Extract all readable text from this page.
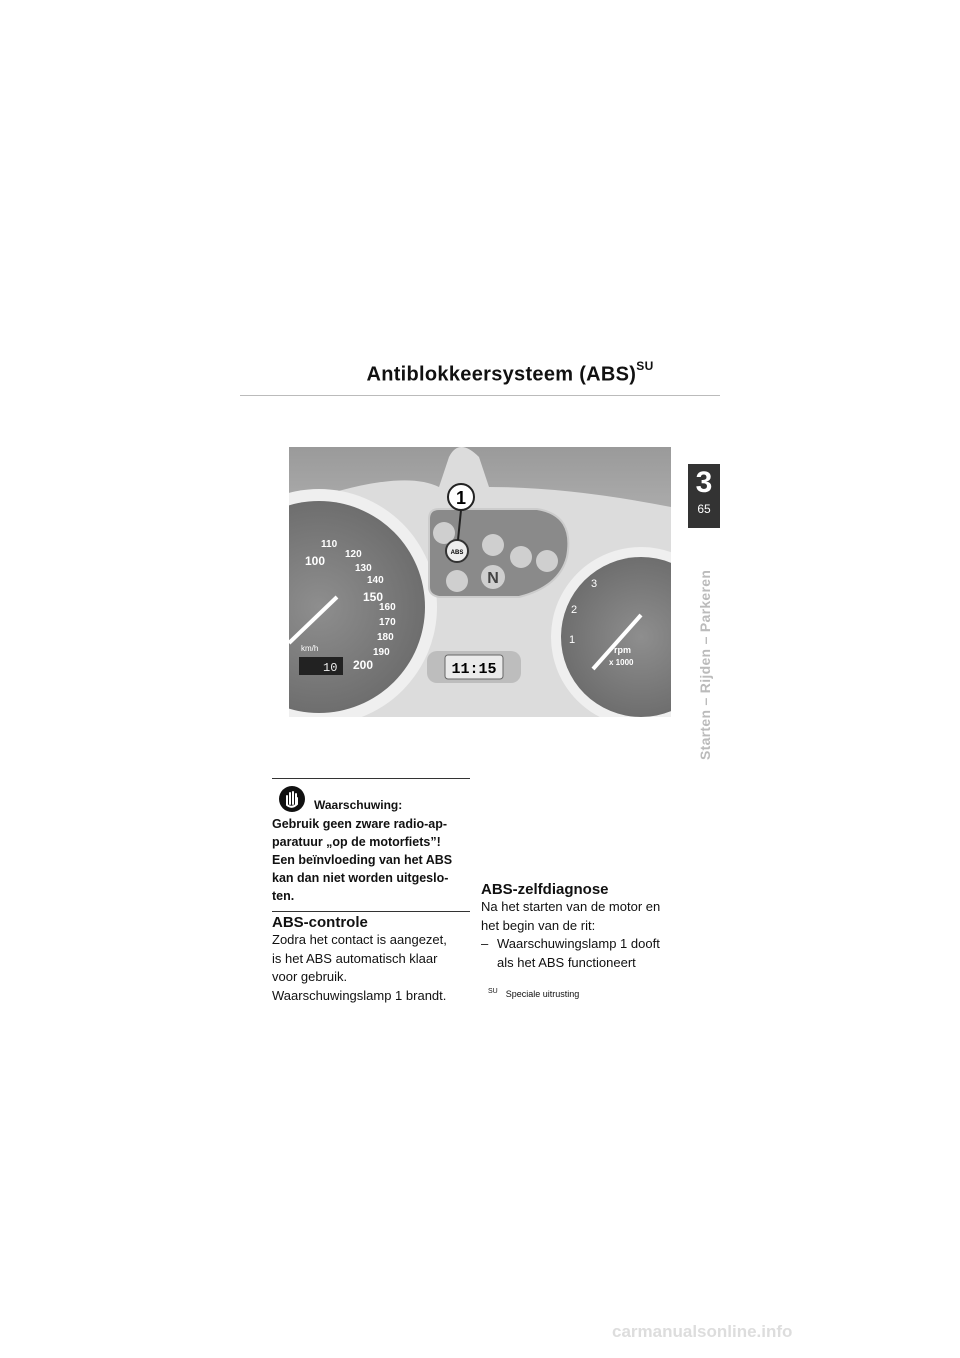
Antiblokkeersysteem (ABS)$^{SU}$
3
65
Starten – Rijden – Parkeren
100
110
120
130
140
150
160
170
180
190
200
km/h
10
ABS
N
1
11:15
1
2
3
rpm
x 1000
Waarschuwing:
Gebruik geen zware radio-ap-
paratuur „op de motorfiets”!
Een beïnvloeding van het ABS
kan dan niet worden uitgeslo-
ten.
ABS-controle
Zodra het contact is aangezet,
is het ABS automatisch klaar
voor gebruik.
Waarschuwingslamp 1 brandt.
ABS-zelfdiagnose
Na het starten van de motor en
het begin van de rit:
– Waarschuwingslamp 1 dooft
als het ABS functioneert
$^{SU}$ Speciale uitrusting
carmanualsonline.info
